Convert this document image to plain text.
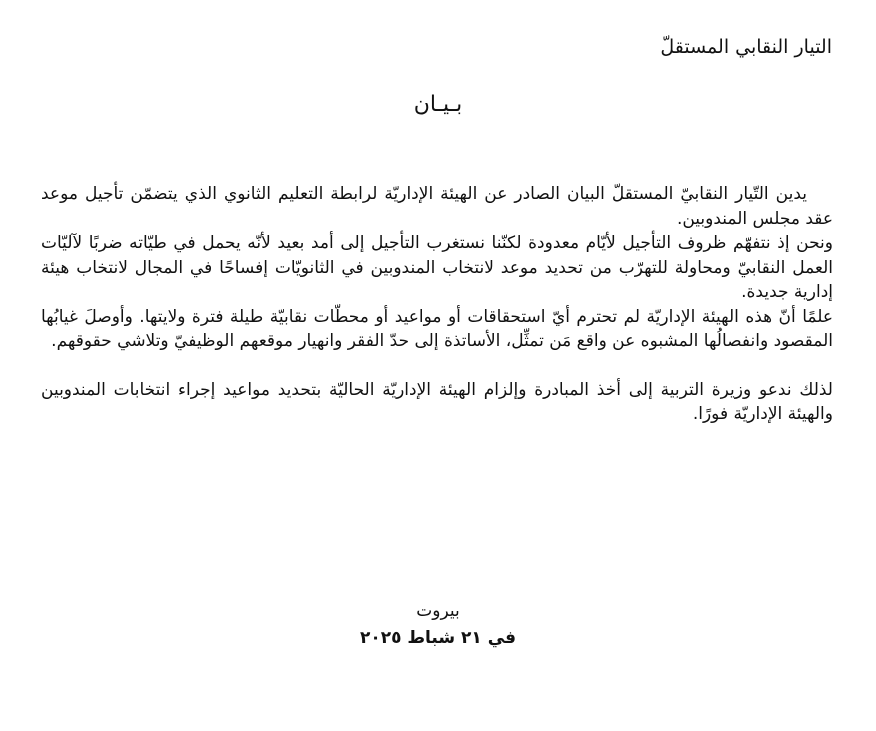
التيار النقابي المستقلّ
بـيـان

يدين التّيار النقابيّ المستقلّ البيان الصادر عن الهيئة الإداريّة لرابطة التعليم الثانوي الذي يتضمّن تأجيل موعد عقد مجلس المندوبين.

ونحن إذ نتفهّم ظروف التأجيل لأيّام معدودة لكنّنا نستغرب التأجيل إلى أمد بعيد لأنّه يحمل في طيّاته ضربًا لآليّات العمل النقابيّ ومحاولة للتهرّب من تحديد موعد لانتخاب المندوبين في الثانويّات إفساحًا في المجال لانتخاب هيئة إدارية جديدة.

علمًا أنّ هذه الهيئة الإداريّة لم تحترم أيّ استحقاقات أو مواعيد أو محطّات نقابيّة طيلة فترة ولايتها. وأوصلَ غيابُها المقصود وانفصالُها المشبوه عن واقع مَن تمثِّل، الأساتذة إلى حدّ الفقر وانهيار موقعهم الوظيفيّ وتلاشي حقوقهم.

لذلك ندعو وزيرة التربية إلى أخذ المبادرة وإلزام الهيئة الإداريّة الحاليّة بتحديد مواعيد إجراء انتخابات المندوبين والهيئة الإداريّة فورًا.

بيروت
في ٢١ شباط ٢٠٢٥
